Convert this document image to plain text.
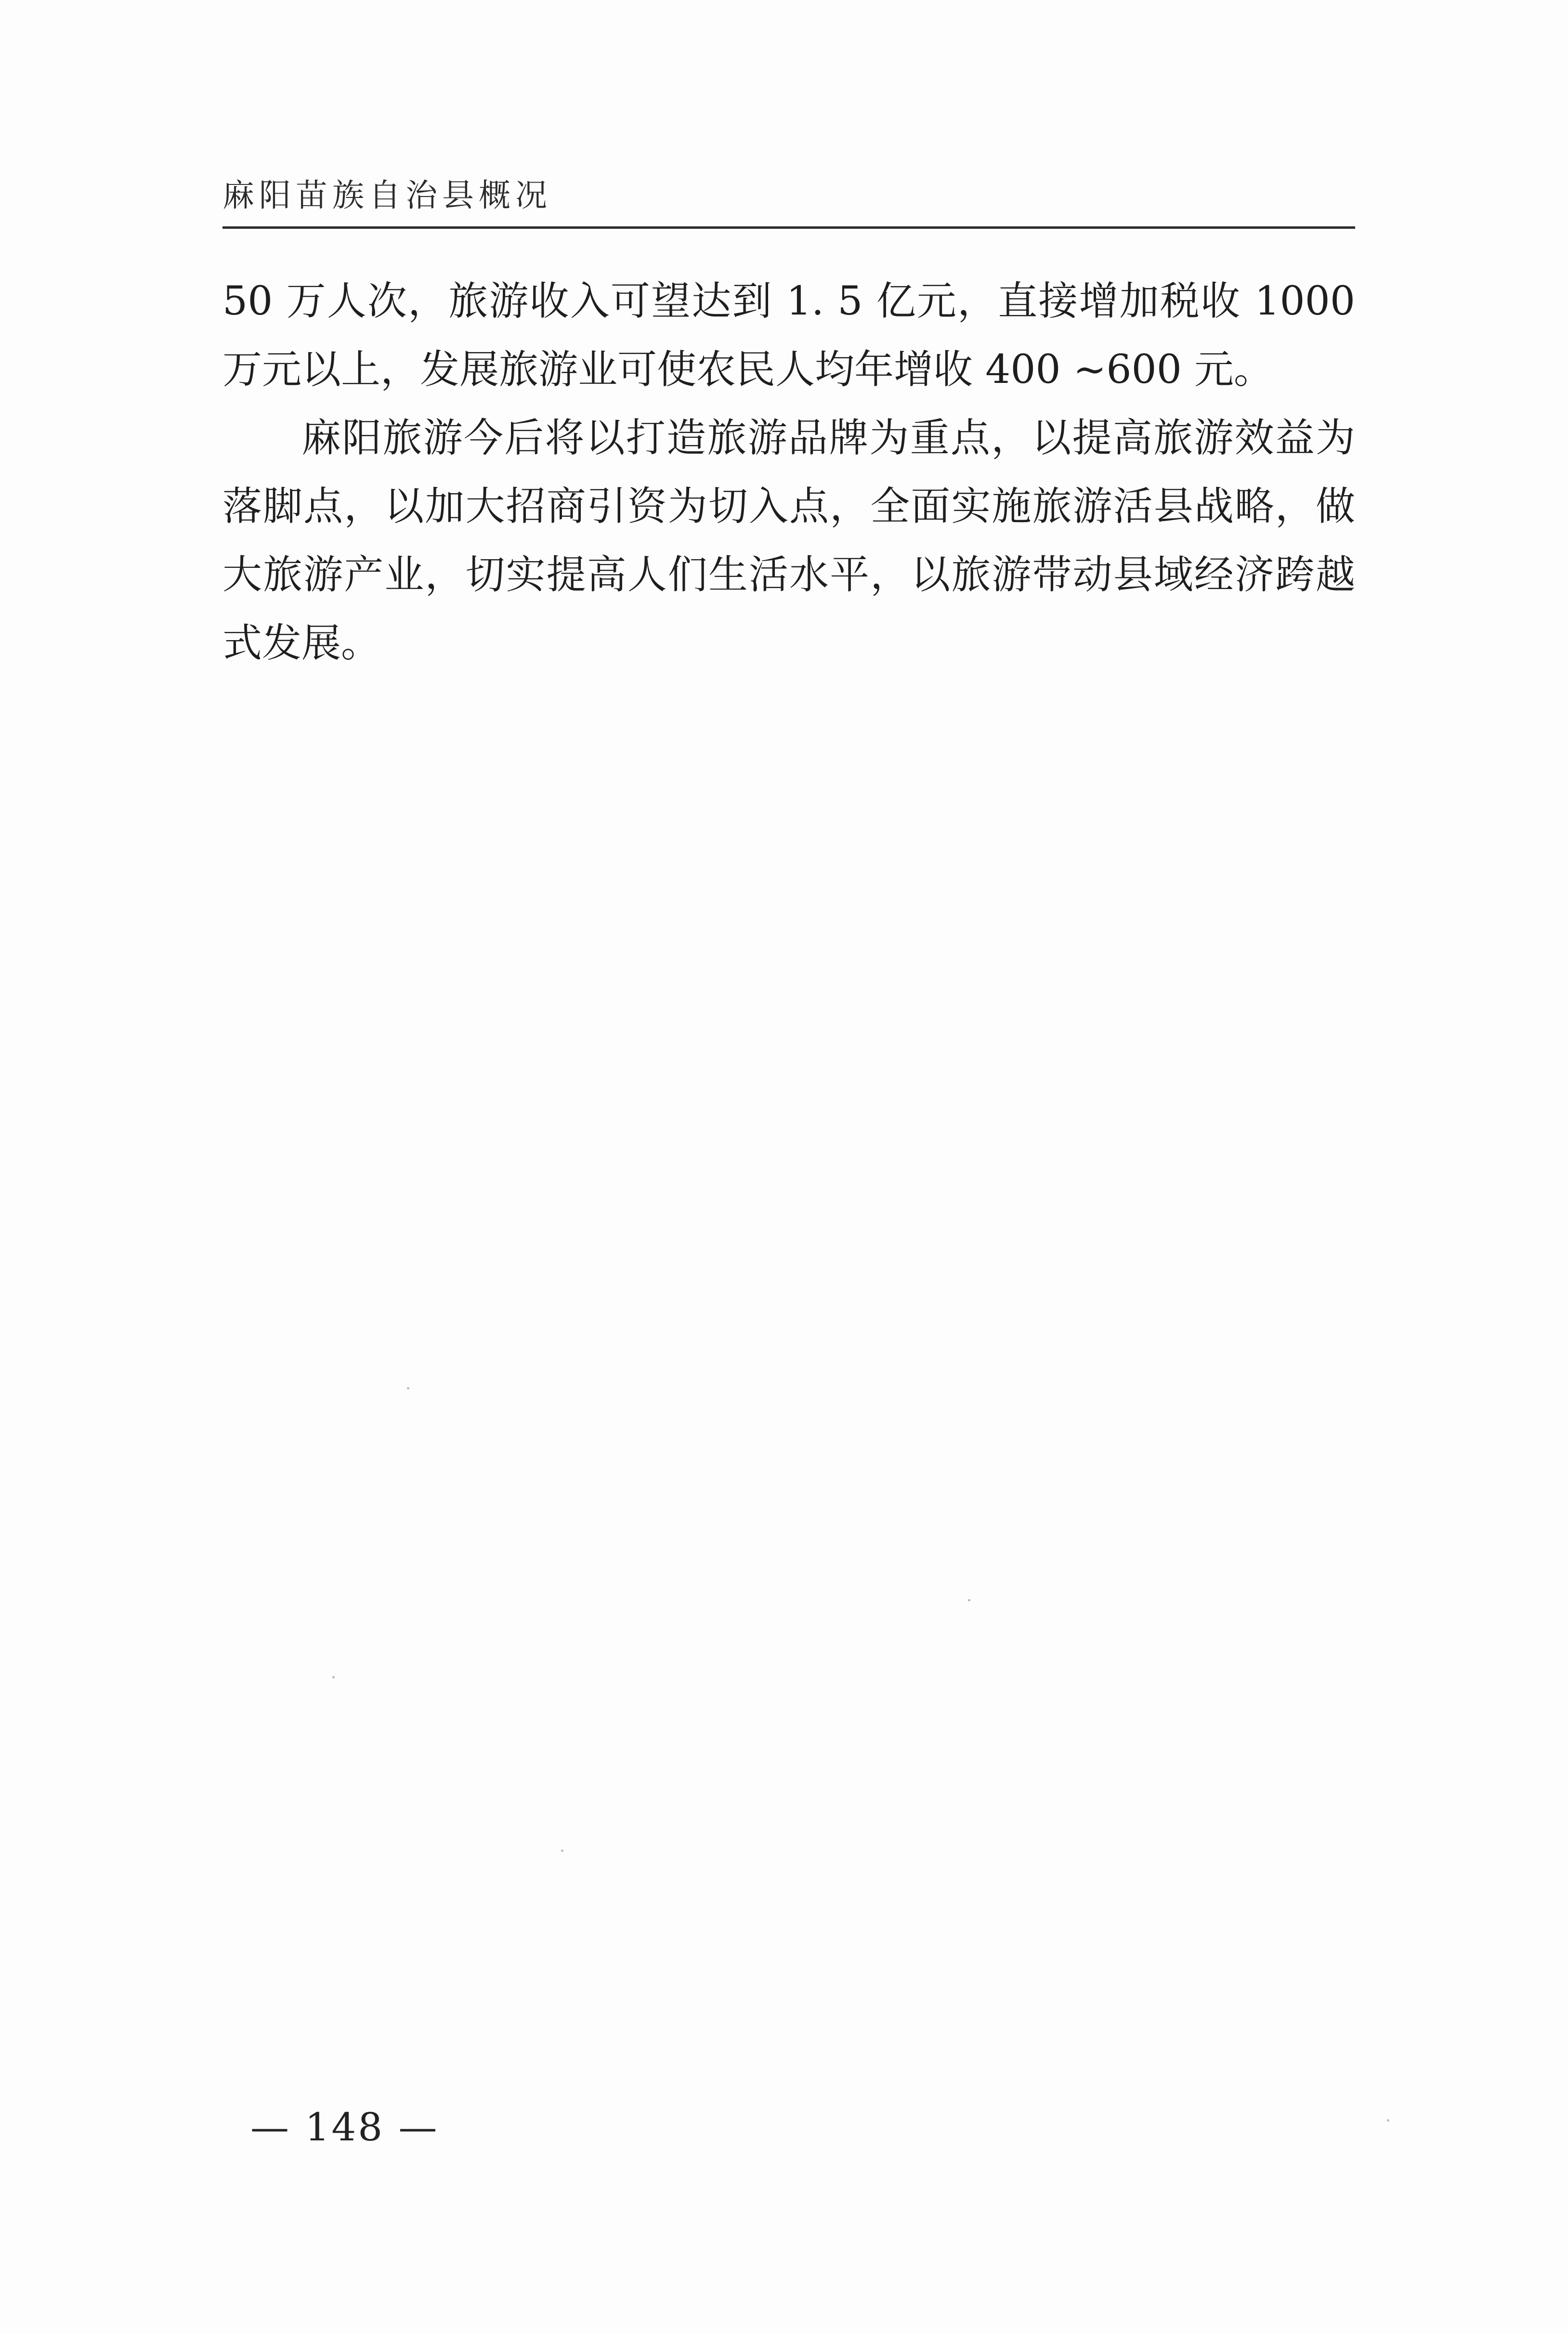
麻阳苗族自治县概况

50 万人次，旅游收入可望达到 1. 5 亿元，直接增加税收 1000 万元以上，发展旅游业可使农民人均年增收 400 ~600 元。

麻阳旅游今后将以打造旅游品牌为重点，以提高旅游效益为落脚点，以加大招商引资为切入点，全面实施旅游活县战略，做大旅游产业，切实提高人们生活水平，以旅游带动县域经济跨越式发展。

— 148 —
